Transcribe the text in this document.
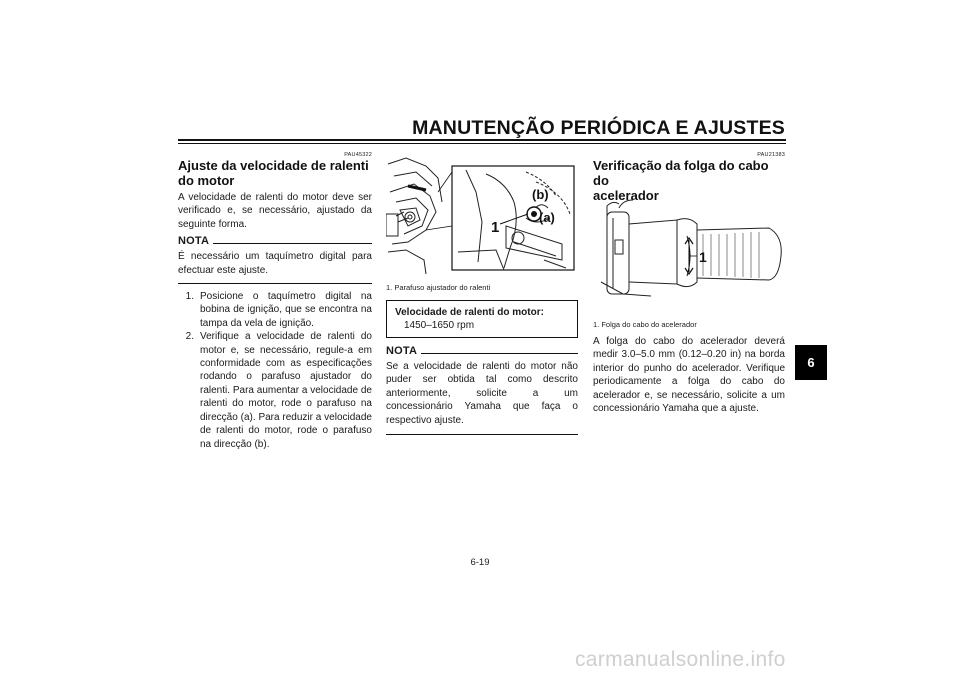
MANUTENÇÃO PERIÓDICA E AJUSTES
PAU45322
Ajuste da velocidade de ralenti
do motor
A velocidade de ralenti do motor deve ser verificado e, se necessário, ajustado da seguinte forma.
NOTA
É necessário um taquímetro digital para efectuar este ajuste.
1. Posicione o taquímetro digital na bobina de ignição, que se encontra na tampa da vela de ignição.
2. Verifique a velocidade de ralenti do motor e, se necessário, regule-a em conformidade com as especificações rodando o parafuso ajustador do ralenti. Para aumentar a velocidade de ralenti do motor, rode o parafuso na direcção (a). Para reduzir a velocidade de ralenti do motor, rode o parafuso na direcção (b).
1
(b)
(a)
1. Parafuso ajustador do ralenti
Velocidade de ralenti do motor:
1450–1650 rpm
NOTA
Se a velocidade de ralenti do motor não puder ser obtida tal como descrito anteriormente, solicite a um concessionário Yamaha que faça o respectivo ajuste.
PAU21383
Verificação da folga do cabo do
acelerador
1
1. Folga do cabo do acelerador
A folga do cabo do acelerador deverá medir 3.0–5.0 mm (0.12–0.20 in) na borda interior do punho do acelerador. Verifique periodicamente a folga do cabo do acelerador e, se necessário, solicite a um concessionário Yamaha que a ajuste.
6
6-19
carmanualsonline.info
